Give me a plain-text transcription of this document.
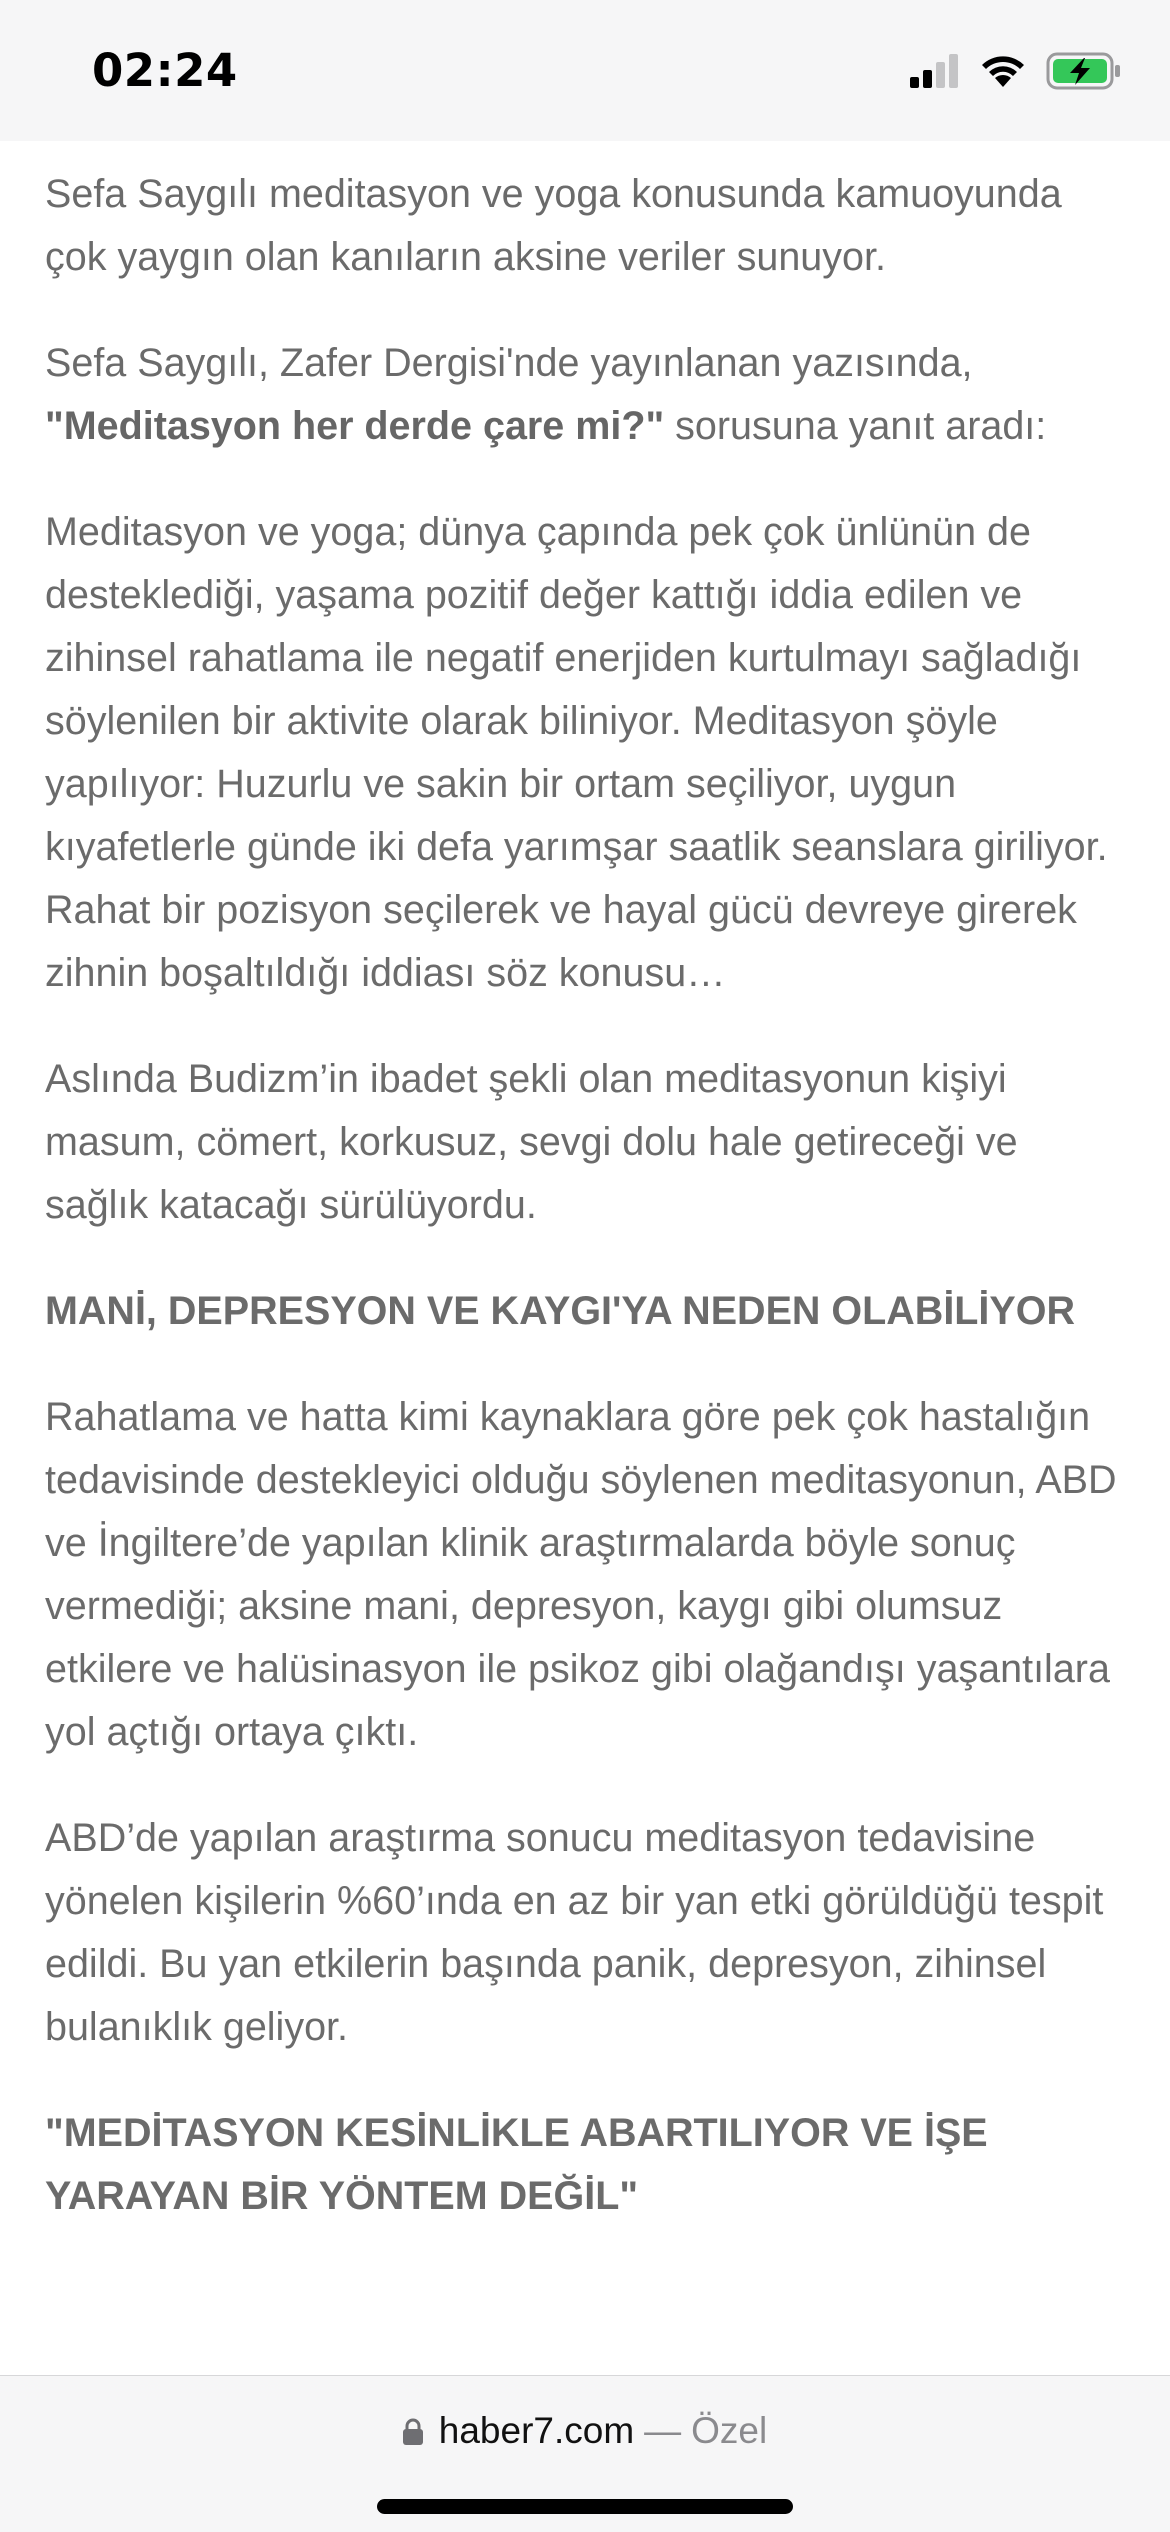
02:24

Sefa Saygılı meditasyon ve yoga konusunda kamuoyunda çok yaygın olan kanıların aksine veriler sunuyor.

Sefa Saygılı, Zafer Dergisi'nde yayınlanan yazısında, "Meditasyon her derde çare mi?" sorusuna yanıt aradı:

Meditasyon ve yoga; dünya çapında pek çok ünlünün de desteklediği, yaşama pozitif değer kattığı iddia edilen ve zihinsel rahatlama ile negatif enerjiden kurtulmayı sağladığı söylenilen bir aktivite olarak biliniyor. Meditasyon şöyle yapılıyor: Huzurlu ve sakin bir ortam seçiliyor, uygun kıyafetlerle günde iki defa yarımşar saatlik seanslara giriliyor. Rahat bir pozisyon seçilerek ve hayal gücü devreye girerek zihnin boşaltıldığı iddiası söz konusu…

Aslında Budizm’in ibadet şekli olan meditasyonun kişiyi masum, cömert, korkusuz, sevgi dolu hale getireceği ve sağlık katacağı sürülüyordu.

MANİ, DEPRESYON VE KAYGI'YA NEDEN OLABİLİYOR

Rahatlama ve hatta kimi kaynaklara göre pek çok hastalığın tedavisinde destekleyici olduğu söylenen meditasyonun, ABD ve İngiltere’de yapılan klinik araştırmalarda böyle sonuç vermediği; aksine mani, depresyon, kaygı gibi olumsuz etkilere ve halüsinasyon ile psikoz gibi olağandışı yaşantılara yol açtığı ortaya çıktı.

ABD’de yapılan araştırma sonucu meditasyon tedavisine yönelen kişilerin %60’ında en az bir yan etki görüldüğü tespit edildi. Bu yan etkilerin başında panik, depresyon, zihinsel bulanıklık geliyor.

"MEDİTASYON KESİNLİKLE ABARTILIYOR VE İŞE YARAYAN BİR YÖNTEM DEĞİL"
haber7.com — Özel
